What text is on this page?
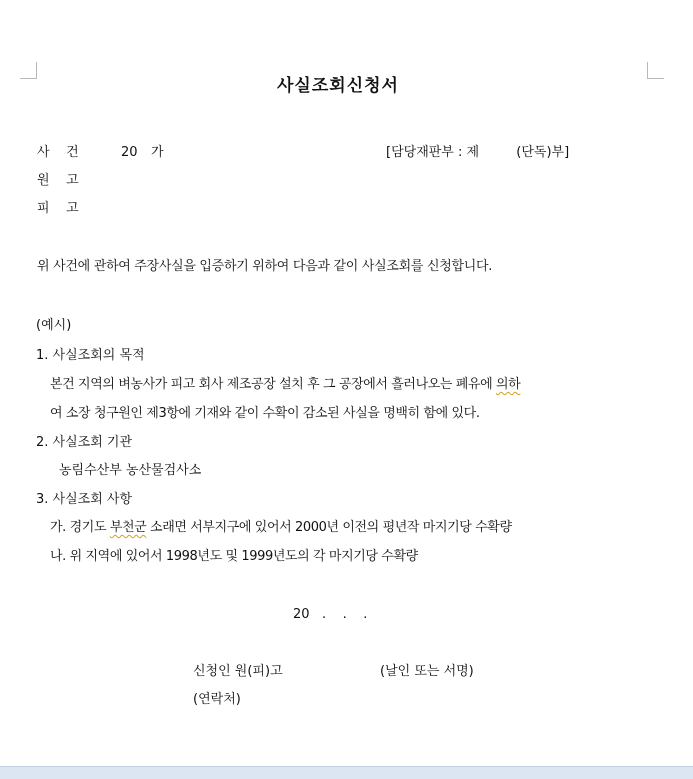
사실조회신청서
사    건	20 가	[담당재판부 : 제         (단독)부]
원    고
피    고
위 사건에 관하여 주장사실을 입증하기 위하여 다음과 같이 사실조회를 신청합니다.
(예시)
1. 사실조회의 목적
본건 지역의 벼농사가 피고 회사 제조공장 설치 후 그 공장에서 흘러나오는 폐유에 의하
여 소장 청구원인 제3항에 기재와 같이 수확이 감소된 사실을 명백히 함에 있다.
2. 사실조회 기관
농림수산부 농산물검사소
3. 사실조회 사항
가. 경기도 부천군 소래면 서부지구에 있어서 2000년 이전의 평년작 마지기당 수확량
나. 위 지역에 있어서 1998년도 및 1999년도의 각 마지기당 수확량
20   .    .    .
신청인 원(피)고	(날인 또는 서명)
(연락처)
